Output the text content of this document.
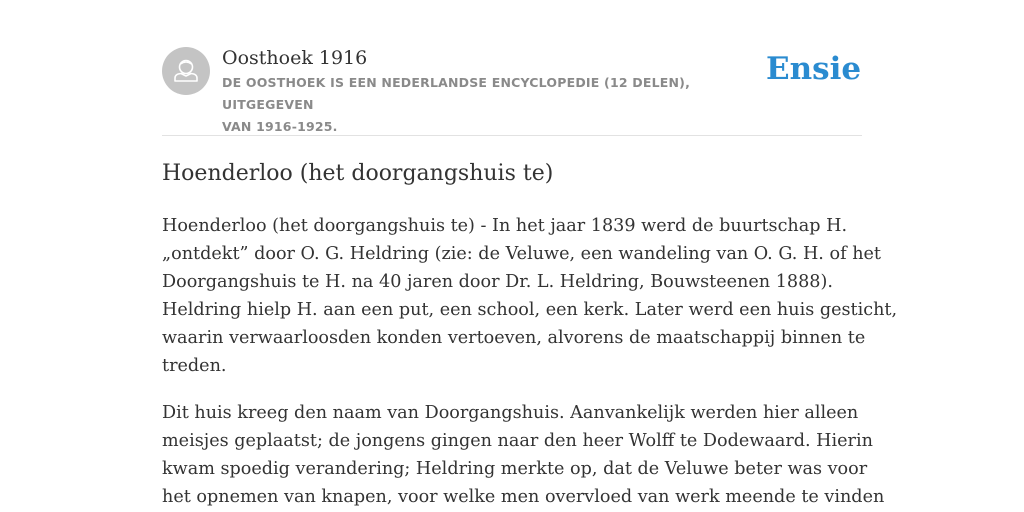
Oosthoek 1916
DE OOSTHOEK IS EEN NEDERLANDSE ENCYCLOPEDIE (12 DELEN), UITGEGEVEN
VAN 1916-1925.
Ensie
Hoenderloo (het doorgangshuis te)

Hoenderloo (het doorgangshuis te) - In het jaar 1839 werd de buurtschap H.
„ontdekt” door O. G. Heldring (zie: de Veluwe, een wandeling van O. G. H. of het
Doorgangshuis te H. na 40 jaren door Dr. L. Heldring, Bouwsteenen 1888).
Heldring hielp H. aan een put, een school, een kerk. Later werd een huis gesticht,
waarin verwaarloosden konden vertoeven, alvorens de maatschappij binnen te
treden.

Dit huis kreeg den naam van Doorgangshuis. Aanvankelijk werden hier alleen
meisjes geplaatst; de jongens gingen naar den heer Wolff te Dodewaard. Hierin
kwam spoedig verandering; Heldring merkte op, dat de Veluwe beter was voor
het opnemen van knapen, voor welke men overvloed van werk meende te vinden
